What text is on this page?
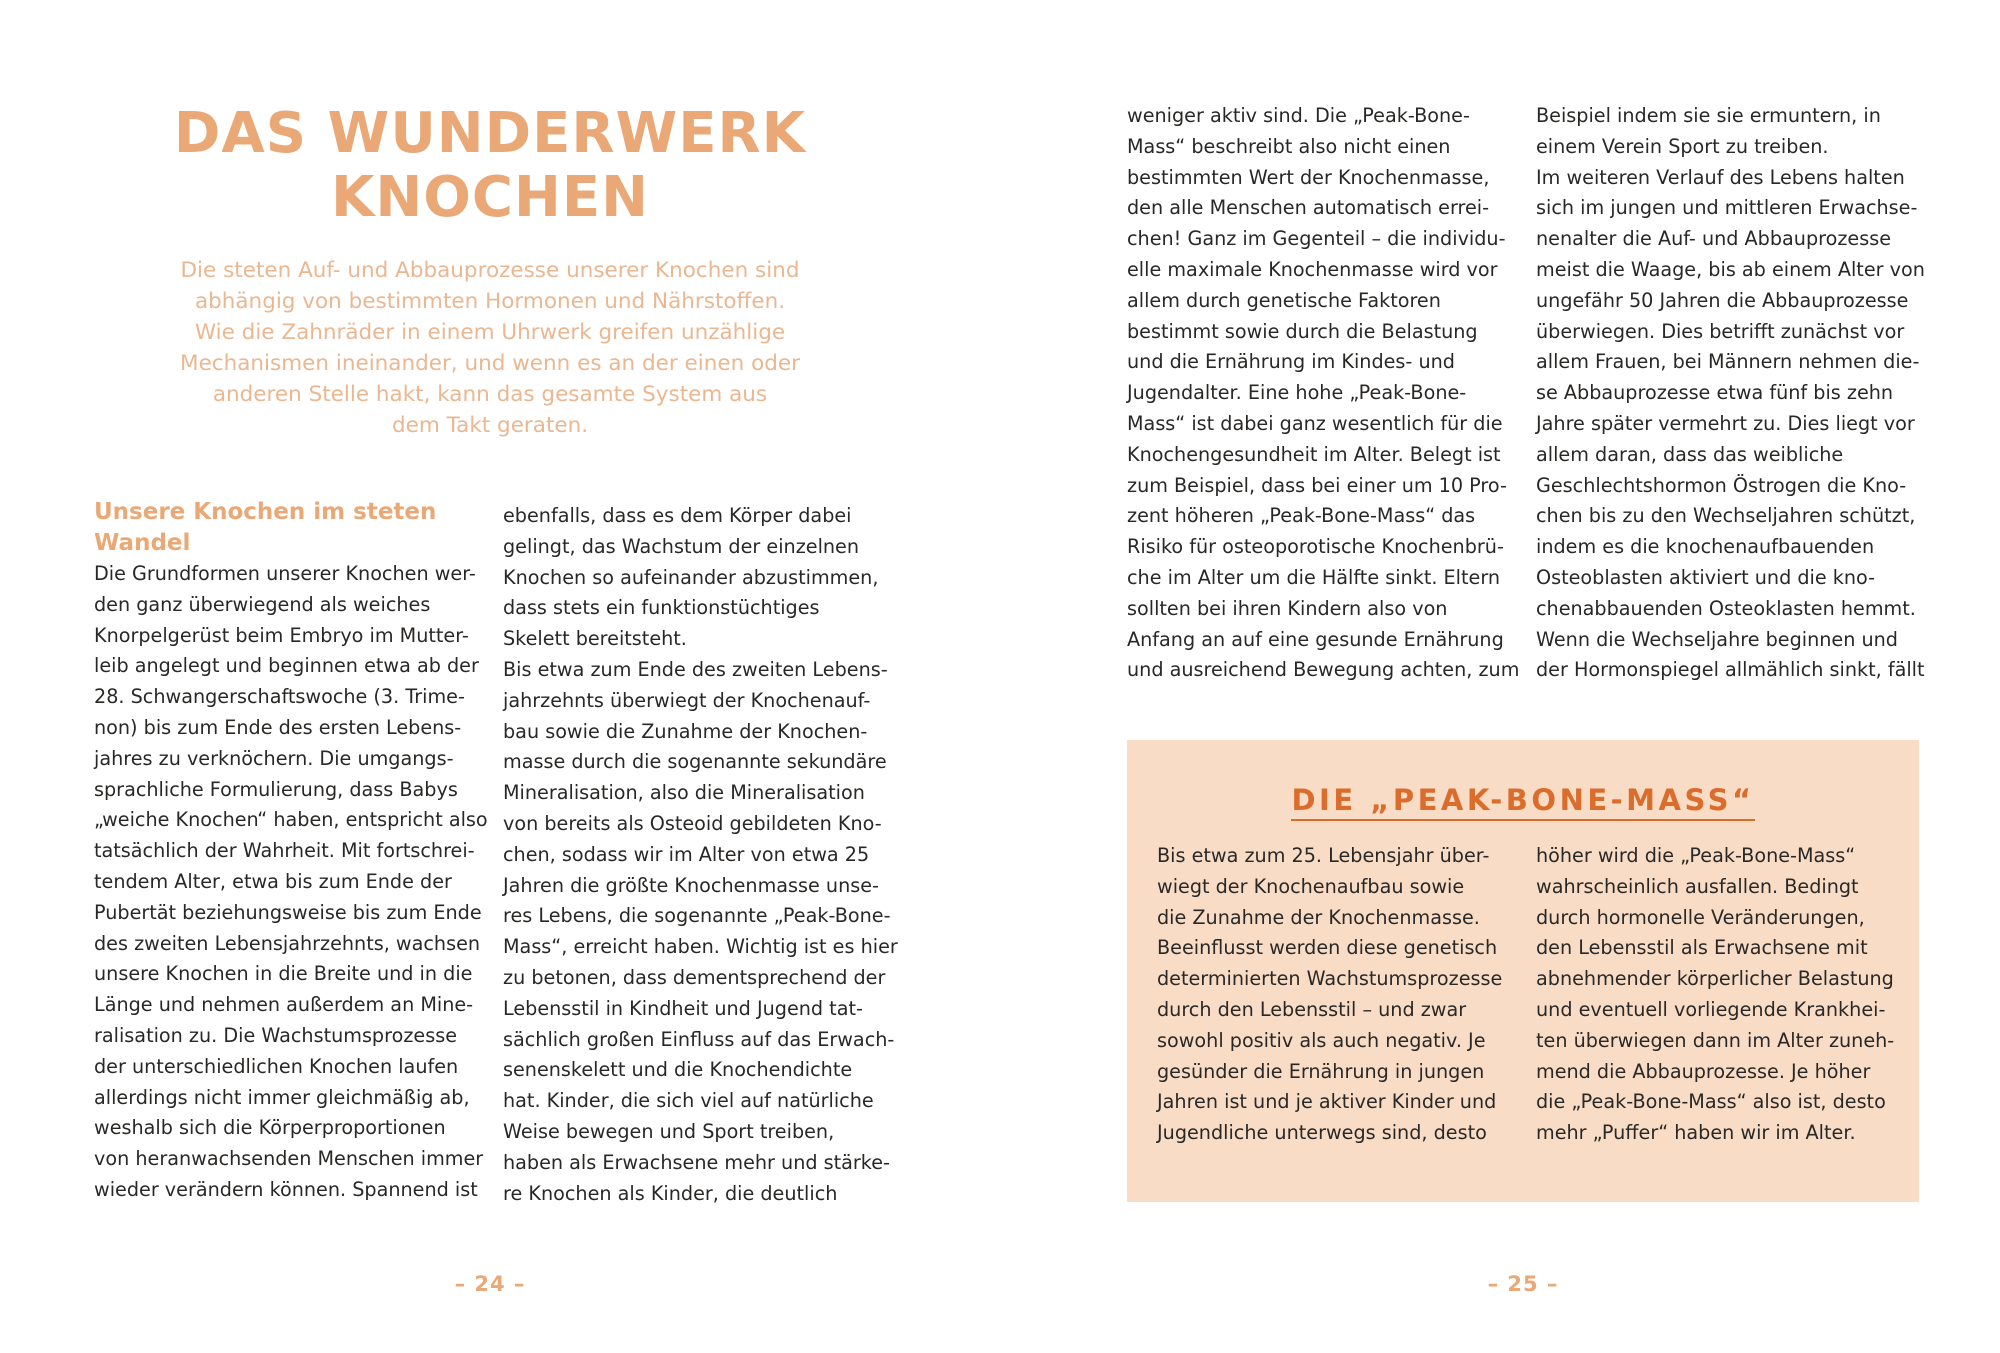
DAS WUNDERWERK
KNOCHEN
Die steten Auf- und Abbauprozesse unserer Knochen sind
abhängig von bestimmten Hormonen und Nährstoffen.
Wie die Zahnräder in einem Uhrwerk greifen unzählige
Mechanismen ineinander, und wenn es an der einen oder
anderen Stelle hakt, kann das gesamte System aus
dem Takt geraten.
Unsere Knochen im steten
Wandel
Die Grundformen unserer Knochen wer-
den ganz überwiegend als weiches
Knorpelgerüst beim Embryo im Mutter-
leib angelegt und beginnen etwa ab der
28. Schwangerschaftswoche (3. Trime-
non) bis zum Ende des ersten Lebens-
jahres zu verknöchern. Die umgangs-
sprachliche Formulierung, dass Babys
„weiche Knochen“ haben, entspricht also
tatsächlich der Wahrheit. Mit fortschrei-
tendem Alter, etwa bis zum Ende der
Pubertät beziehungsweise bis zum Ende
des zweiten Lebensjahrzehnts, wachsen
unsere Knochen in die Breite und in die
Länge und nehmen außerdem an Mine-
ralisation zu. Die Wachstumsprozesse
der unterschiedlichen Knochen laufen
allerdings nicht immer gleichmäßig ab,
weshalb sich die Körperproportionen
von heranwachsenden Menschen immer
wieder verändern können. Spannend ist
ebenfalls, dass es dem Körper dabei
gelingt, das Wachstum der einzelnen
Knochen so aufeinander abzustimmen,
dass stets ein funktionstüchtiges
Skelett bereitsteht.
Bis etwa zum Ende des zweiten Lebens-
jahrzehnts überwiegt der Knochenauf-
bau sowie die Zunahme der Knochen-
masse durch die sogenannte sekundäre
Mineralisation, also die Mineralisation
von bereits als Osteoid gebildeten Kno-
chen, sodass wir im Alter von etwa 25
Jahren die größte Knochenmasse unse-
res Lebens, die sogenannte „Peak-Bone-
Mass“, erreicht haben. Wichtig ist es hier
zu betonen, dass dementsprechend der
Lebensstil in Kindheit und Jugend tat-
sächlich großen Einfluss auf das Erwach-
senenskelett und die Knochendichte
hat. Kinder, die sich viel auf natürliche
Weise bewegen und Sport treiben,
haben als Erwachsene mehr und stärke-
re Knochen als Kinder, die deutlich
– 24 –
weniger aktiv sind. Die „Peak-Bone-
Mass“ beschreibt also nicht einen
bestimmten Wert der Knochenmasse,
den alle Menschen automatisch errei-
chen! Ganz im Gegenteil – die individu-
elle maximale Knochenmasse wird vor
allem durch genetische Faktoren
bestimmt sowie durch die Belastung
und die Ernährung im Kindes- und
Jugendalter. Eine hohe „Peak-Bone-
Mass“ ist dabei ganz wesentlich für die
Knochengesundheit im Alter. Belegt ist
zum Beispiel, dass bei einer um 10 Pro-
zent höheren „Peak-Bone-Mass“ das
Risiko für osteoporotische Knochenbrü-
che im Alter um die Hälfte sinkt. Eltern
sollten bei ihren Kindern also von
Anfang an auf eine gesunde Ernährung
und ausreichend Bewegung achten, zum
Beispiel indem sie sie ermuntern, in
einem Verein Sport zu treiben.
Im weiteren Verlauf des Lebens halten
sich im jungen und mittleren Erwachse-
nenalter die Auf- und Abbauprozesse
meist die Waage, bis ab einem Alter von
ungefähr 50 Jahren die Abbauprozesse
überwiegen. Dies betrifft zunächst vor
allem Frauen, bei Männern nehmen die-
se Abbauprozesse etwa fünf bis zehn
Jahre später vermehrt zu. Dies liegt vor
allem daran, dass das weibliche
Geschlechtshormon Östrogen die Kno-
chen bis zu den Wechseljahren schützt,
indem es die knochenaufbauenden
Osteoblasten aktiviert und die kno-
chenabbauenden Osteoklasten hemmt.
Wenn die Wechseljahre beginnen und
der Hormonspiegel allmählich sinkt, fällt
DIE „PEAK-BONE-MASS“
Bis etwa zum 25. Lebensjahr über-
wiegt der Knochenaufbau sowie
die Zunahme der Knochenmasse.
Beeinflusst werden diese genetisch
determinierten Wachstumsprozesse
durch den Lebensstil – und zwar
sowohl positiv als auch negativ. Je
gesünder die Ernährung in jungen
Jahren ist und je aktiver Kinder und
Jugendliche unterwegs sind, desto
höher wird die „Peak-Bone-Mass“
wahrscheinlich ausfallen. Bedingt
durch hormonelle Veränderungen,
den Lebensstil als Erwachsene mit
abnehmender körperlicher Belastung
und eventuell vorliegende Krankhei-
ten überwiegen dann im Alter zuneh-
mend die Abbauprozesse. Je höher
die „Peak-Bone-Mass“ also ist, desto
mehr „Puffer“ haben wir im Alter.
– 25 –
